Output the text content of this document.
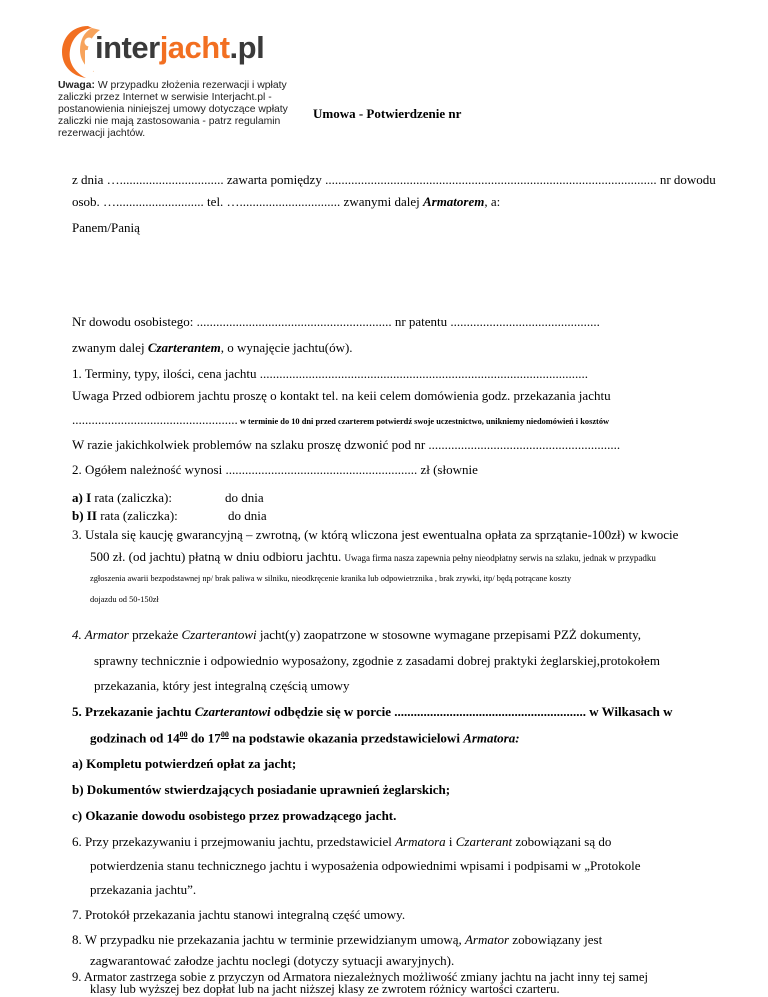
interjacht.pl
Uwaga: W przypadku złożenia rezerwacji i wpłaty zaliczki przez Internet w serwisie Interjacht.pl - postanowienia niniejszej umowy dotyczące wpłaty zaliczki nie mają zastosowania - patrz regulamin rezerwacji jachtów.
Umowa - Potwierdzenie nr
z dnia …................................ zawarta pomiędzy ...................................................................................................... nr dowodu
osob. …........................... tel. …............................... zwanymi dalej Armatorem, a:
Panem/Panią
Nr dowodu osobistego: ............................................................ nr patentu ..............................................
zwanym dalej Czarterantem, o wynajęcie jachtu(ów).
1. Terminy, typy, ilości, cena jachtu .....................................................................................................
Uwaga Przed odbiorem jachtu proszę o kontakt tel. na keii celem domówienia godz. przekazania jachtu
................................................... w terminie do 10 dni przed czarterem potwierdź swoje uczestnictwo, unikniemy niedomówień i kosztów
W razie jakichkolwiek problemów na szlaku proszę dzwonić pod nr ...........................................................
2. Ogółem należność wynosi ........................................................... zł (słownie
a) I rata (zaliczka):	do dnia
b) II rata (zaliczka):	do dnia
3. Ustala się kaucję gwarancyjną – zwrotną, (w którą wliczona jest ewentualna opłata za sprzątanie-100zł) w kwocie
500 zł. (od jachtu) płatną w dniu odbioru jachtu. Uwaga firma nasza zapewnia pełny nieodpłatny serwis na szlaku, jednak w przypadku
zgłoszenia awarii bezpodstawnej np/ brak paliwa w silniku, nieodkręcenie kranika lub odpowietrznika , brak zrywki, itp/ będą potrącane koszty
dojazdu od 50-150zł
4. Armator przekaże Czarterantowi jacht(y) zaopatrzone w stosowne wymagane przepisami PZŻ dokumenty,
sprawny technicznie i odpowiednio wyposażony, zgodnie z zasadami dobrej praktyki żeglarskiej,protokołem
przekazania, który jest integralną częścią umowy
5. Przekazanie jachtu Czarterantowi odbędzie się w porcie ........................................................... w Wilkasach w
godzinach od $14^{00}$ do $17^{00}$ na podstawie okazania przedstawicielowi Armatora:
a) Kompletu potwierdzeń opłat za jacht;
b) Dokumentów stwierdzających posiadanie uprawnień żeglarskich;
c) Okazanie dowodu osobistego przez prowadzącego jacht.
6. Przy przekazywaniu i przejmowaniu jachtu, przedstawiciel Armatora i Czarterant zobowiązani są do
potwierdzenia stanu technicznego jachtu i wyposażenia odpowiednimi wpisami i podpisami w „Protokole
przekazania jachtu”.
7. Protokół przekazania jachtu stanowi integralną część umowy.
8. W przypadku nie przekazania jachtu w terminie przewidzianym umową, Armator zobowiązany jest
zagwarantować załodze jachtu noclegi (dotyczy sytuacji awaryjnych).
9. Armator zastrzega sobie z przyczyn od Armatora niezależnych możliwość zmiany jachtu na jacht inny tej samej
klasy lub wyższej bez dopłat lub na jacht niższej klasy ze zwrotem różnicy wartości czarteru.
